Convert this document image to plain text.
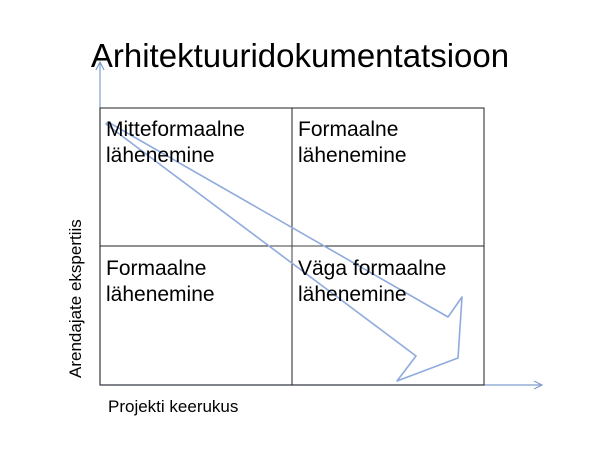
Arhitektuuridokumentatsioon
Mitteformaalne
lähenemine
Formaalne
lähenemine
Formaalne
lähenemine
Väga formaalne
lähenemine
Arendajate ekspertiis
Projekti keerukus
